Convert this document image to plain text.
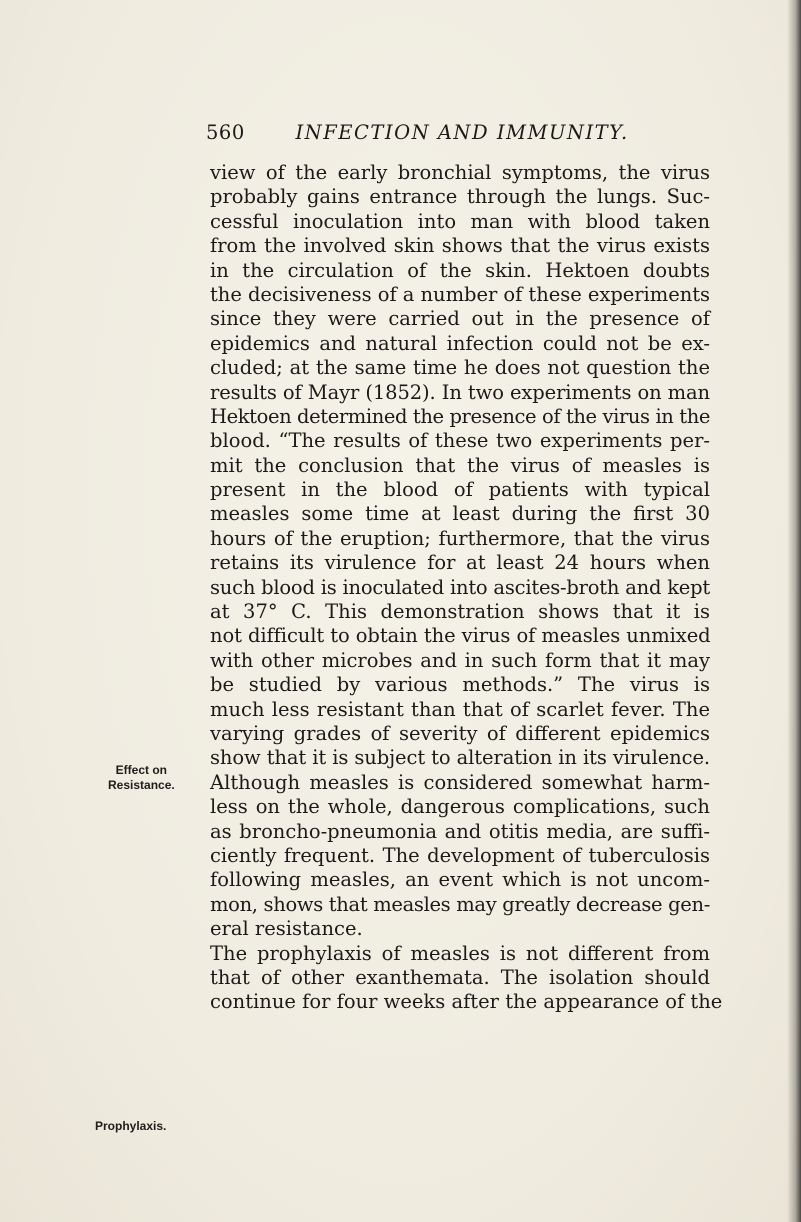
560	INFECTION AND IMMUNITY.
Effect on
Resistance.
Prophylaxis.
view of the early bronchial symptoms, the virus
probably gains entrance through the lungs. Suc-
cessful inoculation into man with blood taken
from the involved skin shows that the virus exists
in the circulation of the skin. Hektoen doubts
the decisiveness of a number of these experiments
since they were carried out in the presence of
epidemics and natural infection could not be ex-
cluded; at the same time he does not question the
results of Mayr (1852). In two experiments on man
Hektoen determined the presence of the virus in the
blood. “The results of these two experiments per-
mit the conclusion that the virus of measles is
present in the blood of patients with typical
measles some time at least during the first 30
hours of the eruption; furthermore, that the virus
retains its virulence for at least 24 hours when
such blood is inoculated into ascites-broth and kept
at 37° C. This demonstration shows that it is
not difficult to obtain the virus of measles unmixed
with other microbes and in such form that it may
be studied by various methods.” The virus is
much less resistant than that of scarlet fever. The
varying grades of severity of different epidemics
show that it is subject to alteration in its virulence.
Although measles is considered somewhat harm-
less on the whole, dangerous complications, such
as broncho-pneumonia and otitis media, are suffi-
ciently frequent. The development of tuberculosis
following measles, an event which is not uncom-
mon, shows that measles may greatly decrease gen-
eral resistance.
The prophylaxis of measles is not different from
that of other exanthemata. The isolation should
continue for four weeks after the appearance of the
